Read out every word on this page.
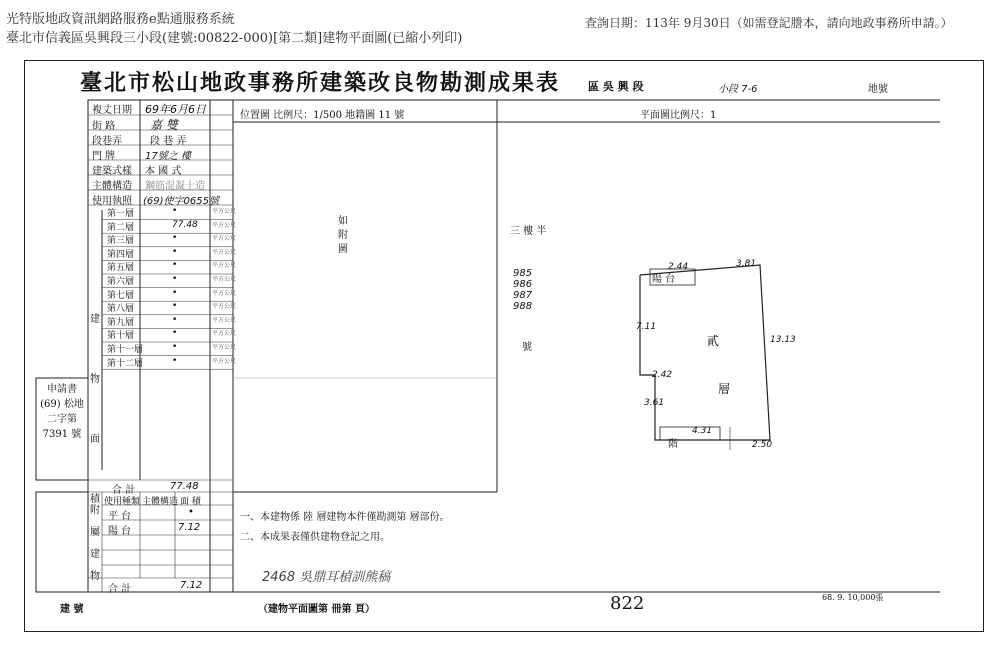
光特版地政資訊網路服務e點通服務系統
臺北市信義區吳興段三小段(建號:00822-000)[第二類]建物平面圖(已縮小列印)
查詢日期：113年 9月30日（如需登記謄本，請向地政事務所申請。）
臺北市松山地政事務所建築改良物勘測成果表	區 吳 興 段	小段 7-6	地號
複丈日期 69年6月6日
街 路	嘉 雙
段巷弄	段 巷 弄
門 牌	17號之 樓
建築式樣 本 國 式
主體構造 鋼筋混凝土造
使用執照 (69)使字0655號
第一層	•	平方公尺
第二層	77.48 平方公尺
第三層	•	平方公尺
第四層	•	平方公尺
第五層	•	平方公尺
第六層	•	平方公尺
第七層	•	平方公尺
第八層	•	平方公尺
第九層	•	平方公尺
第十層	•	平方公尺
第十一層	•	平方公尺
第十二層	•	平方公尺
建 物 面 積
合 計	77.48
申請書 (69) 松地二字第 7391 號
附 屬 建 物
使用種類 主體構造 面 積
平 台	•
陽 台	7.12
合 計	7.12
位置圖 比例尺：1/500 地籍圖 11 號	平面圖比例尺：1
如附圖
三 樓 半
985
986
987
988
號
陽 台
貳
層
階
2.44	3.81
7.11
13.13
2.42
3.61
4.31
2.50
一、本建物係 陸 層建物本件僅勘測第 層部份。
二、本成果表僅供建物登記之用。
2468 吳鼎耳楨訓熊稿
建 號	（建物平面圖第 冊第 頁）	822	68. 9. 10,000張
